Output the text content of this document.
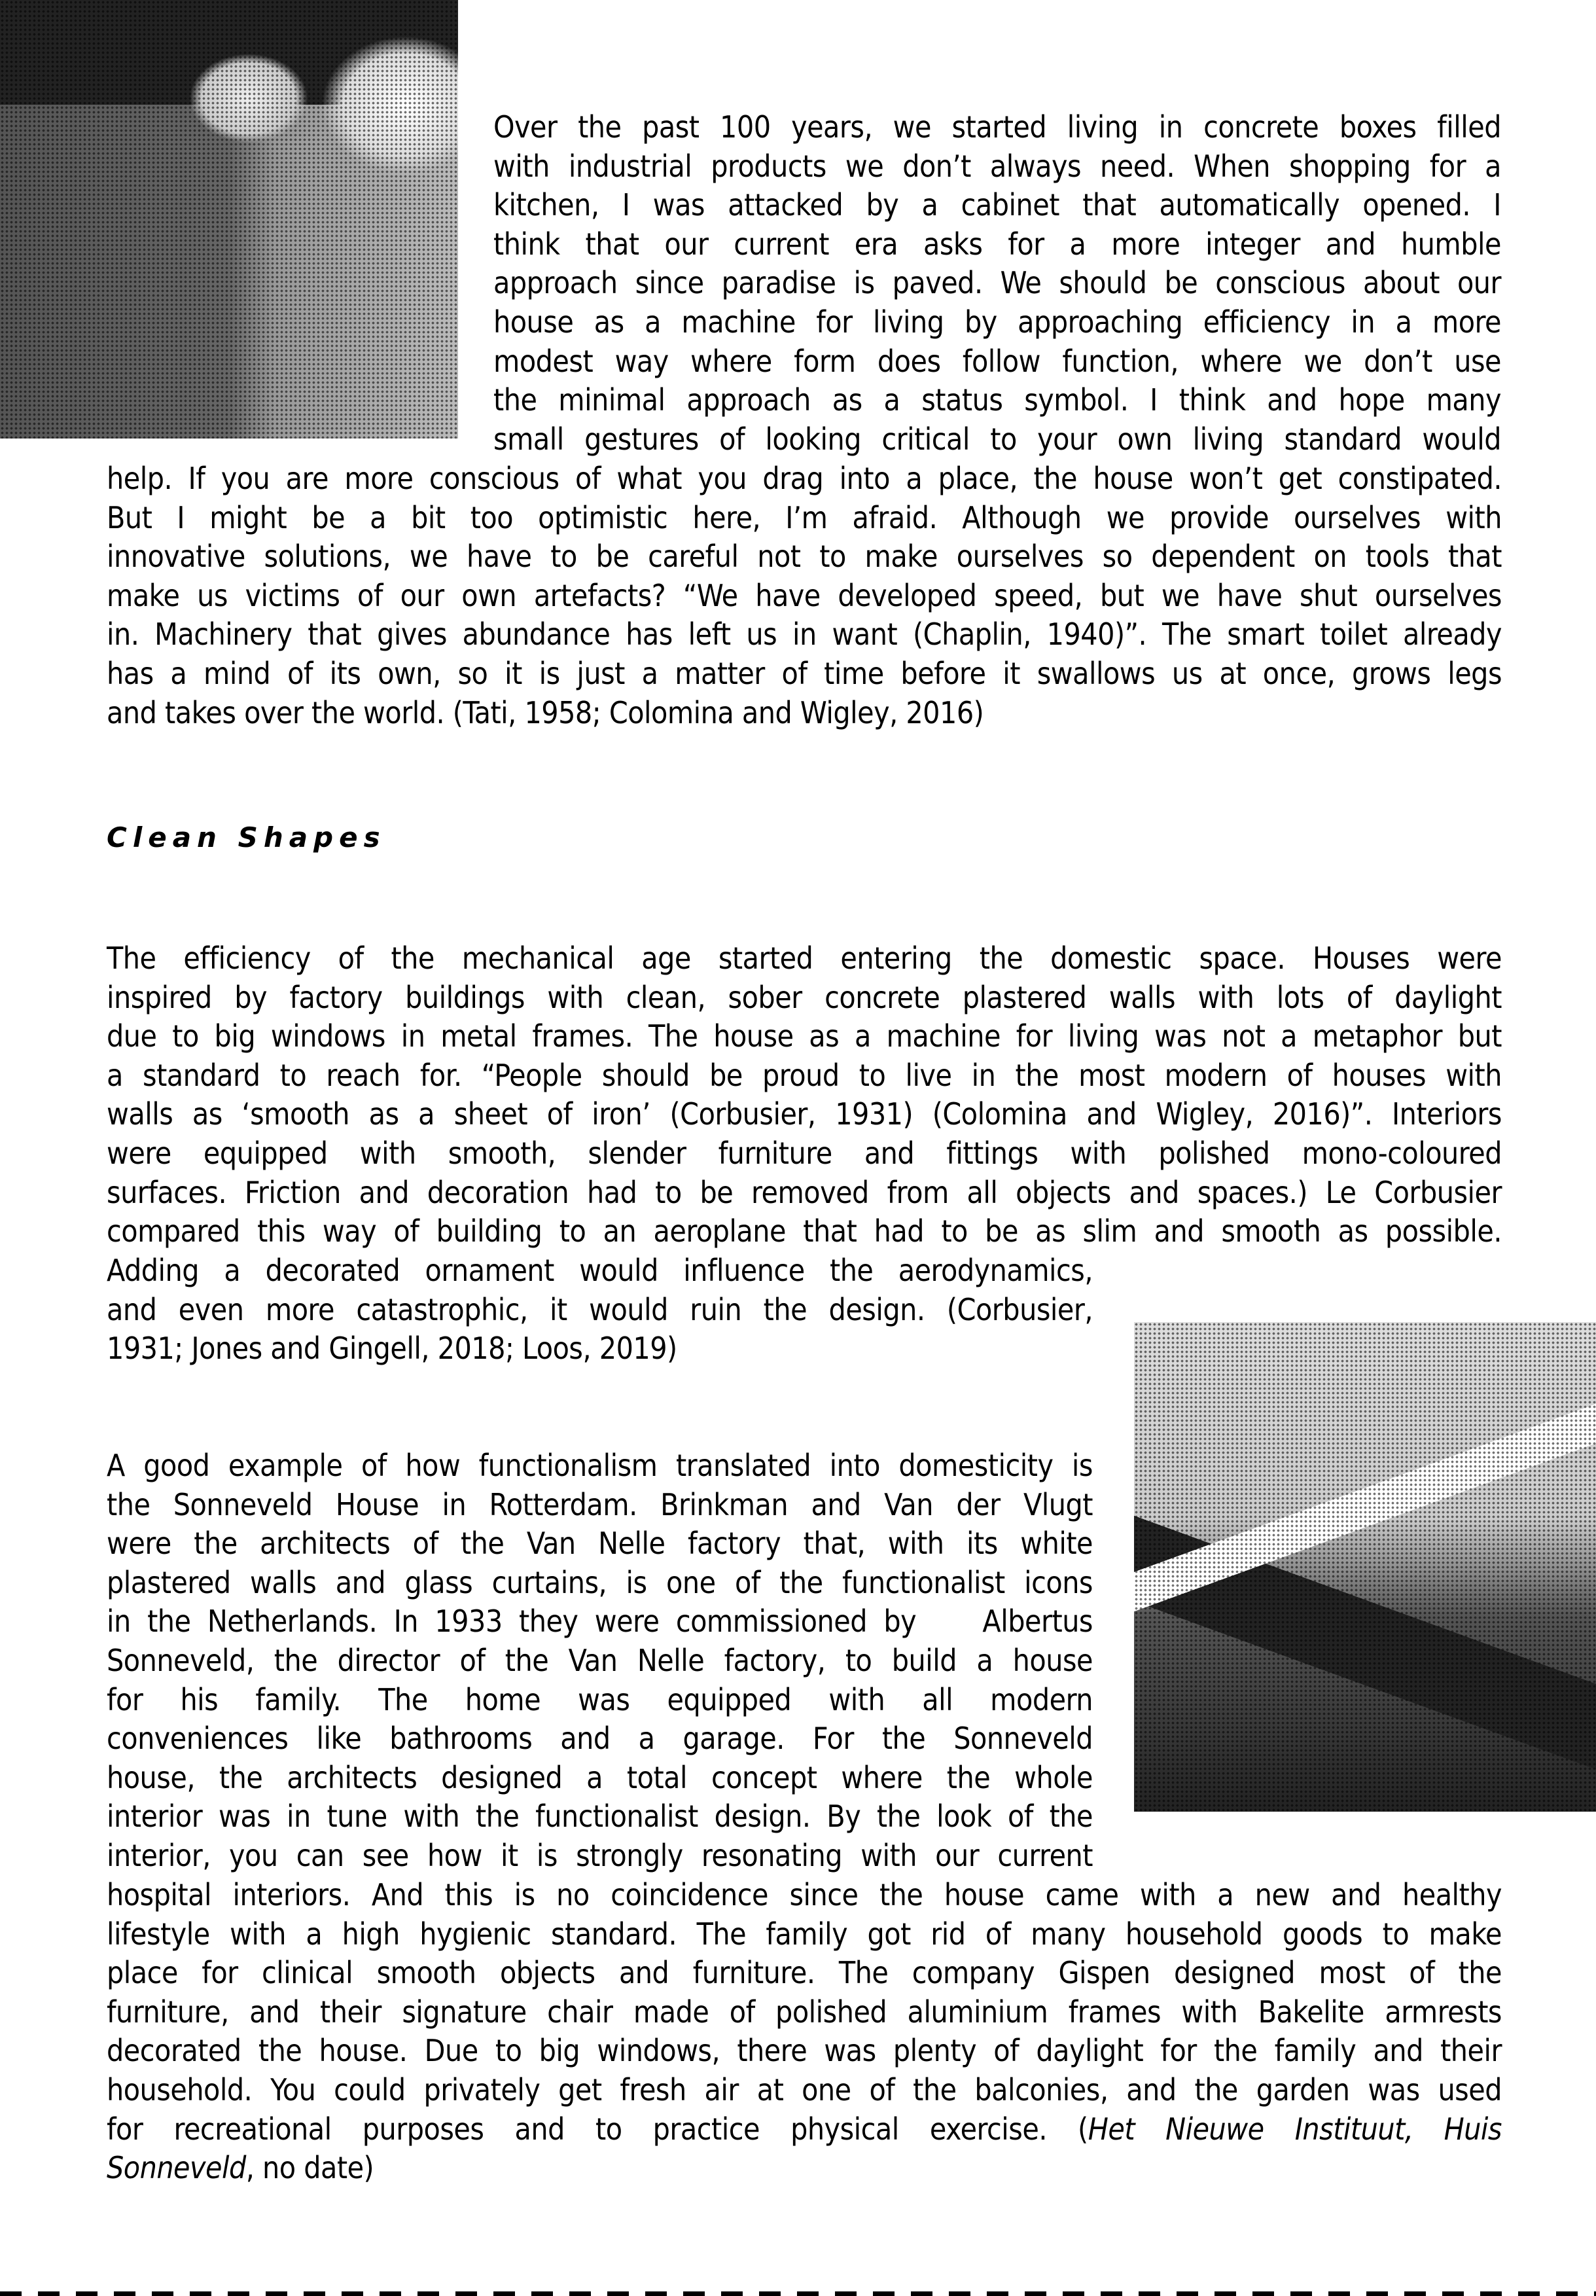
Over the past 100 years, we started living in concrete boxes filled
with industrial products we don’t always need. When shopping for a
kitchen, I was attacked by a cabinet that automatically opened. I
think that our current era asks for a more integer and humble
approach since paradise is paved. We should be conscious about our
house as a machine for living by approaching efficiency in a more
modest way where form does follow function, where we don’t use
the minimal approach as a status symbol. I think and hope many
small gestures of looking critical to your own living standard would
help. If you are more conscious of what you drag into a place, the house won’t get constipated.
But I might be a bit too optimistic here, I’m afraid. Although we provide ourselves with
innovative solutions, we have to be careful not to make ourselves so dependent on tools that
make us victims of our own artefacts? “We have developed speed, but we have shut ourselves
in. Machinery that gives abundance has left us in want (Chaplin, 1940)”. The smart toilet already
has a mind of its own, so it is just a matter of time before it swallows us at once, grows legs
and takes over the world. (Tati, 1958; Colomina and Wigley, 2016)
Clean Shapes
The efficiency of the mechanical age started entering the domestic space. Houses were
inspired by factory buildings with clean, sober concrete plastered walls with lots of daylight
due to big windows in metal frames. The house as a machine for living was not a metaphor but
a standard to reach for. “People should be proud to live in the most modern of houses with
walls as ‘smooth as a sheet of iron’ (Corbusier, 1931) (Colomina and Wigley, 2016)”. Interiors
were equipped with smooth, slender furniture and fittings with polished mono-coloured
surfaces. Friction and decoration had to be removed from all objects and spaces.) Le Corbusier
compared this way of building to an aeroplane that had to be as slim and smooth as possible.
Adding a decorated ornament would influence the aerodynamics,
and even more catastrophic, it would ruin the design. (Corbusier,
1931; Jones and Gingell, 2018; Loos, 2019)
A good example of how functionalism translated into domesticity is
the Sonneveld House in Rotterdam. Brinkman and Van der Vlugt
were the architects of the Van Nelle factory that, with its white
plastered walls and glass curtains, is one of the functionalist icons
in the Netherlands. In 1933 they were commissioned by    Albertus
Sonneveld, the director of the Van Nelle factory, to build a house
for his family. The home was equipped with all modern
conveniences like bathrooms and a garage. For the Sonneveld
house, the architects designed a total concept where the whole
interior was in tune with the functionalist design. By the look of the
interior, you can see how it is strongly resonating with our current
hospital interiors. And this is no coincidence since the house came with a new and healthy
lifestyle with a high hygienic standard. The family got rid of many household goods to make
place for clinical smooth objects and furniture. The company Gispen designed most of the
furniture, and their signature chair made of polished aluminium frames with Bakelite armrests
decorated the house. Due to big windows, there was plenty of daylight for the family and their
household. You could privately get fresh air at one of the balconies, and the garden was used
for recreational purposes and to practice physical exercise. (Het Nieuwe Instituut, Huis
Sonneveld, no date)
